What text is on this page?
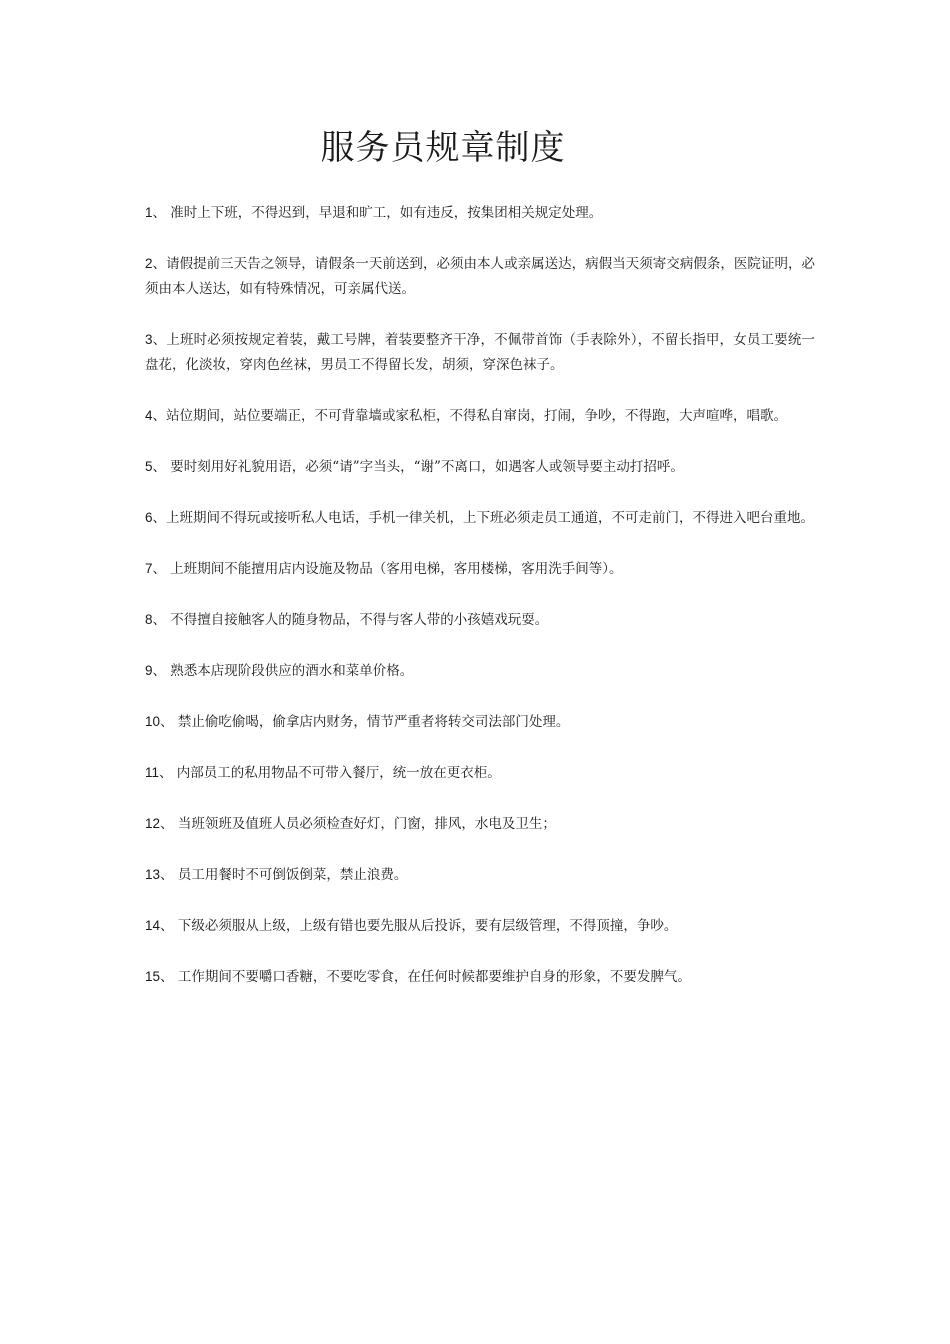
服务员规章制度
1、 准时上下班，不得迟到，早退和旷工，如有违反，按集团相关规定处理。
2、请假提前三天告之领导，请假条一天前送到，必须由本人或亲属送达，病假当天须寄交病假条，医院证明，必须由本人送达，如有特殊情况，可亲属代送。
3、上班时必须按规定着装，戴工号牌，着装要整齐干净，不佩带首饰（手表除外），不留长指甲，女员工要统一盘花，化淡妆，穿肉色丝袜，男员工不得留长发，胡须，穿深色袜子。
4、站位期间，站位要端正，不可背靠墙或家私柜，不得私自窜岗，打闹，争吵，不得跑，大声喧哗，唱歌。
5、 要时刻用好礼貌用语，必须“请”字当头，“谢”不离口，如遇客人或领导要主动打招呼。
6、上班期间不得玩或接听私人电话，手机一律关机，上下班必须走员工通道，不可走前门，不得进入吧台重地。
7、 上班期间不能擅用店内设施及物品（客用电梯，客用楼梯，客用洗手间等）。
8、 不得擅自接触客人的随身物品，不得与客人带的小孩嬉戏玩耍。
9、 熟悉本店现阶段供应的酒水和菜单价格。
10、 禁止偷吃偷喝，偷拿店内财务，情节严重者将转交司法部门处理。
11、 内部员工的私用物品不可带入餐厅，统一放在更衣柜。
12、 当班领班及值班人员必须检查好灯，门窗，排风，水电及卫生；
13、 员工用餐时不可倒饭倒菜，禁止浪费。
14、 下级必须服从上级，上级有错也要先服从后投诉，要有层级管理，不得顶撞，争吵。
15、 工作期间不要嚼口香糖，不要吃零食，在任何时候都要维护自身的形象，不要发脾气。
